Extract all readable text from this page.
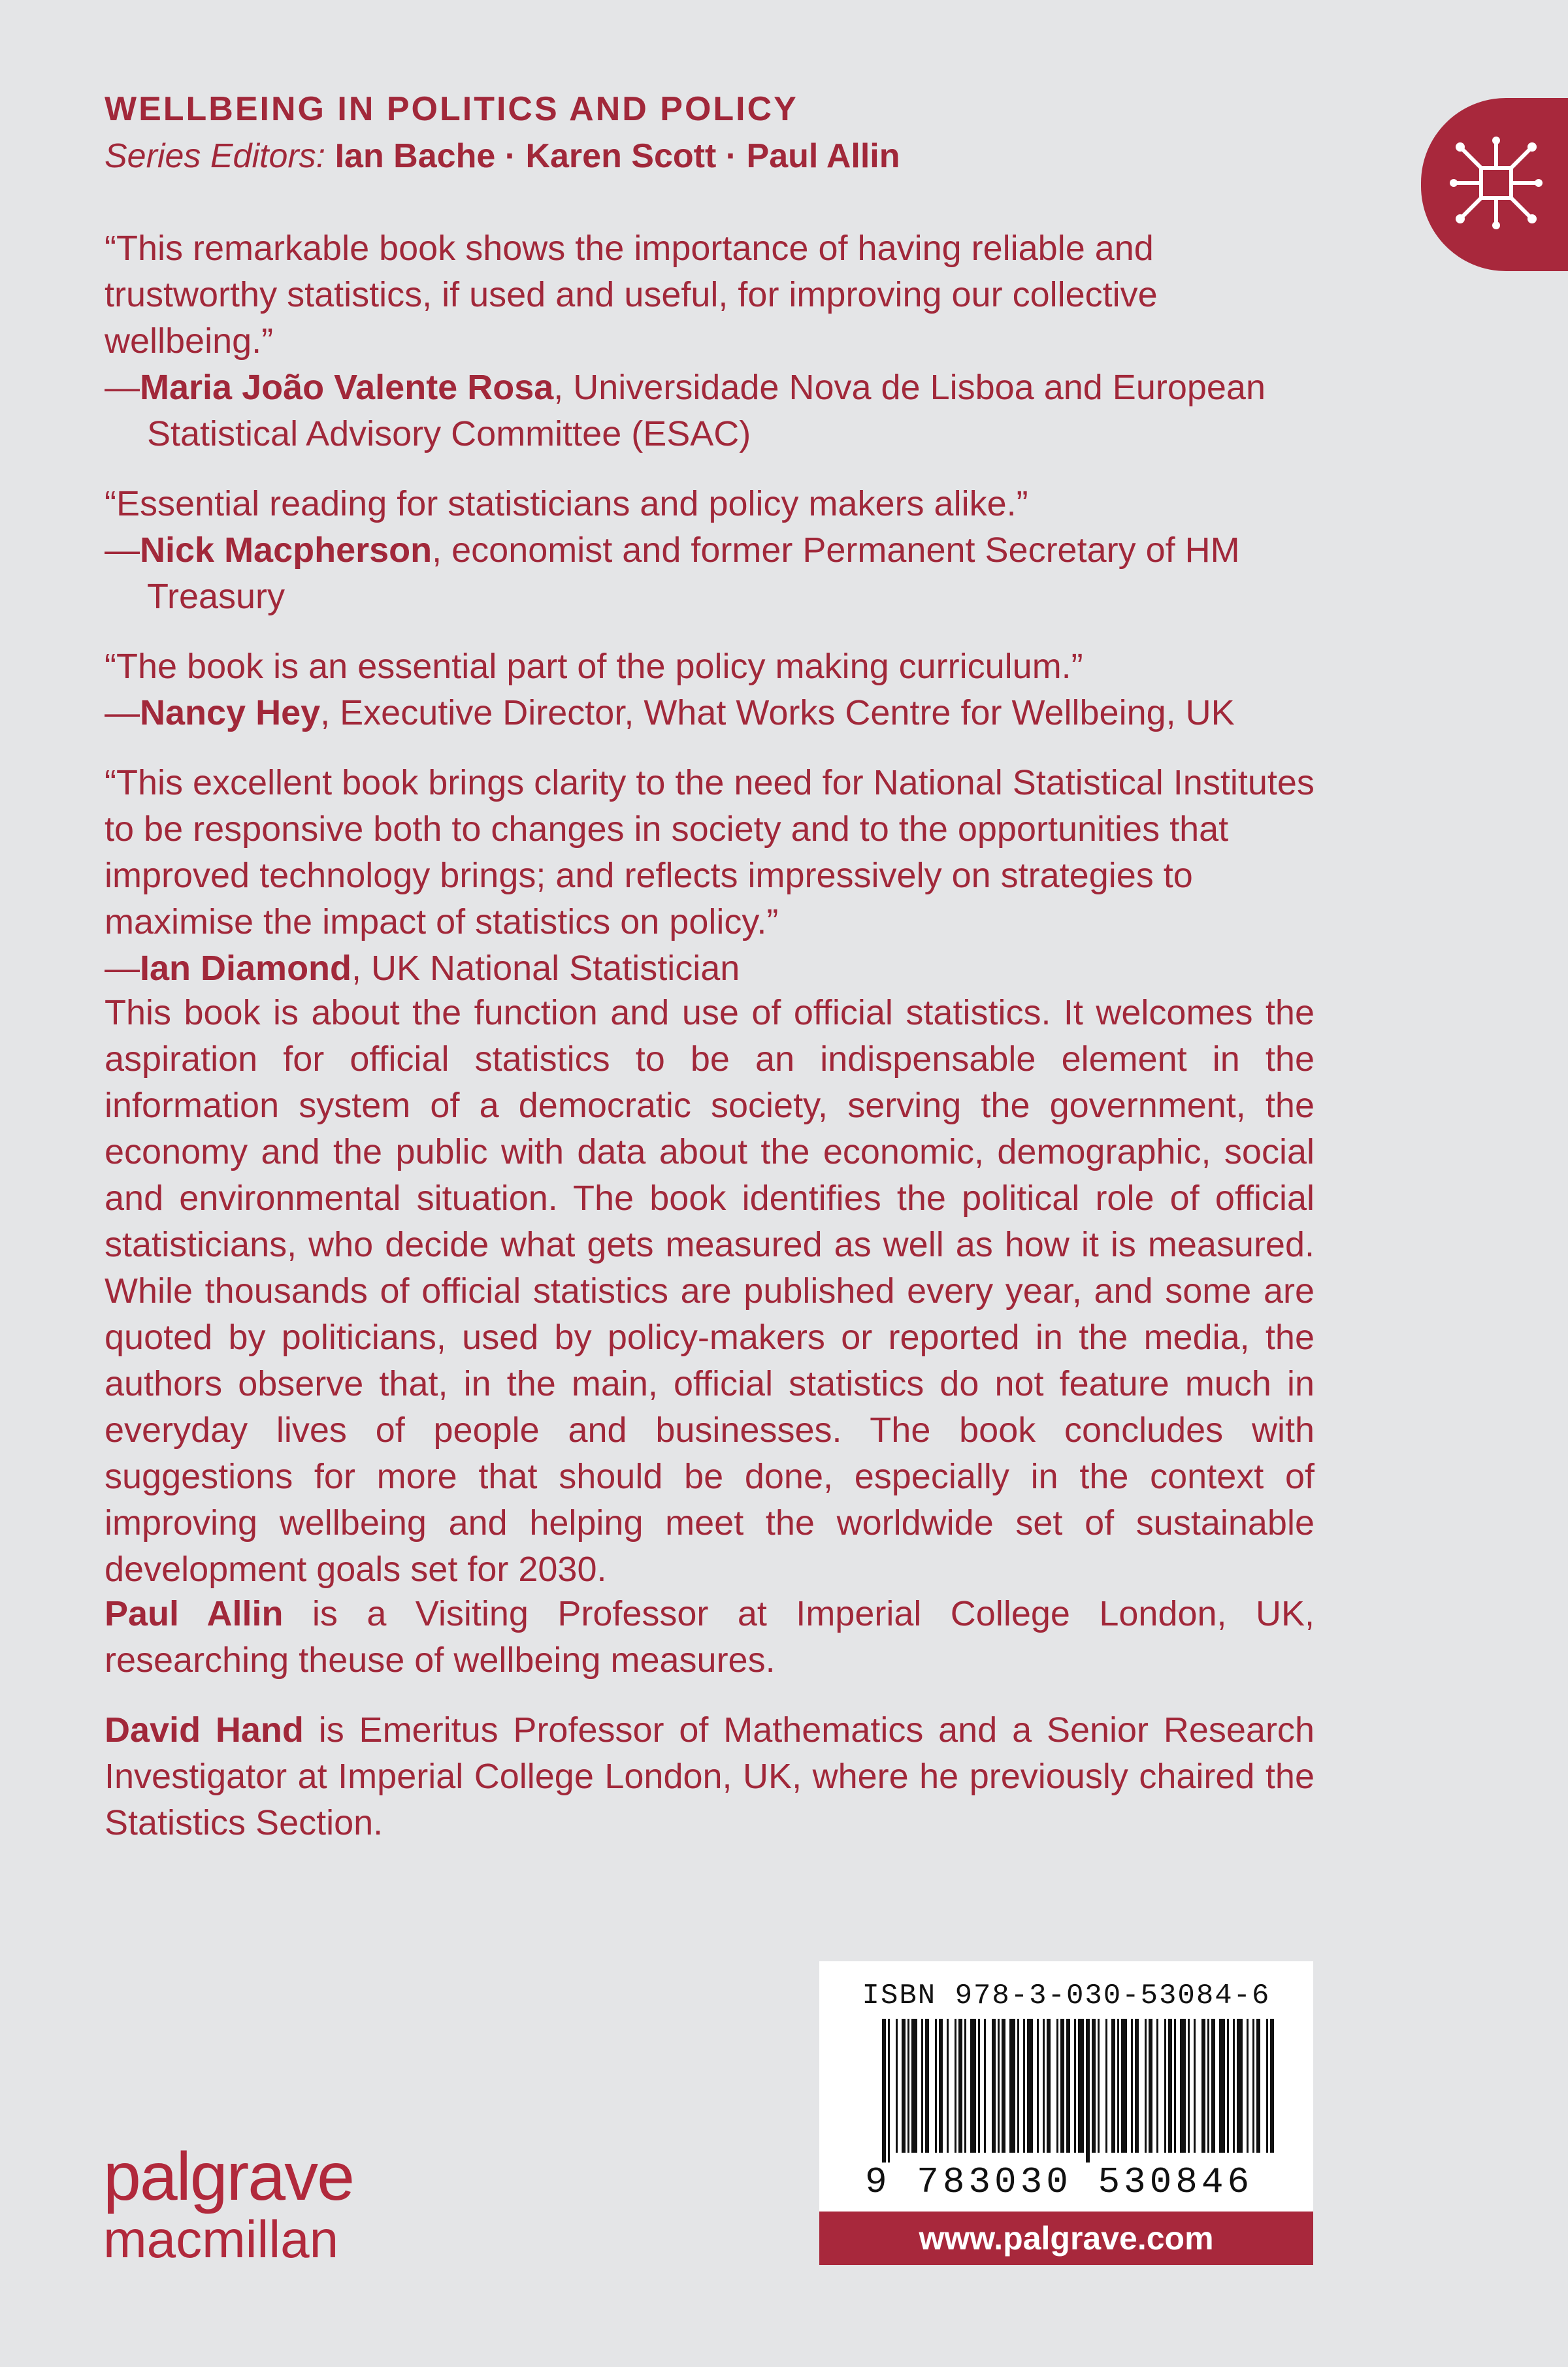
WELLBEING IN POLITICS AND POLICY
Series Editors: Ian Bache · Karen Scott · Paul Allin
“This remarkable book shows the importance of having reliable and trustworthy statistics, if used and useful, for improving our collective wellbeing.”
—Maria João Valente Rosa, Universidade Nova de Lisboa and European Statistical Advisory Committee (ESAC)
“Essential reading for statisticians and policy makers alike.”
—Nick Macpherson, economist and former Permanent Secretary of HM Treasury
“The book is an essential part of the policy making curriculum.”
—Nancy Hey, Executive Director, What Works Centre for Wellbeing, UK
“This excellent book brings clarity to the need for National Statistical Institutes to be responsive both to changes in society and to the opportunities that improved technology brings; and reflects impressively on strategies to maximise the impact of statistics on policy.”
—Ian Diamond, UK National Statistician

This book is about the function and use of official statistics. It welcomes the aspiration for official statistics to be an indispensable element in the information system of a democratic society, serving the government, the economy and the public with data about the economic, demographic, social and environmental situation. The book identifies the political role of official statisticians, who decide what gets measured as well as how it is measured. While thousands of official statistics are published every year, and some are quoted by politicians, used by policy-makers or reported in the media, the authors observe that, in the main, official statistics do not feature much in everyday lives of people and businesses. The book concludes with suggestions for more that should be done, especially in the context of improving wellbeing and helping meet the worldwide set of sustainable development goals set for 2030.

Paul Allin is a Visiting Professor at Imperial College London, UK, researching theuse of wellbeing measures.

David Hand is Emeritus Professor of Mathematics and a Senior Research Investigator at Imperial College London, UK, where he previously chaired the Statistics Section.

palgrave
macmillan
ISBN 978-3-030-53084-6
9 783030 530846
www.palgrave.com
